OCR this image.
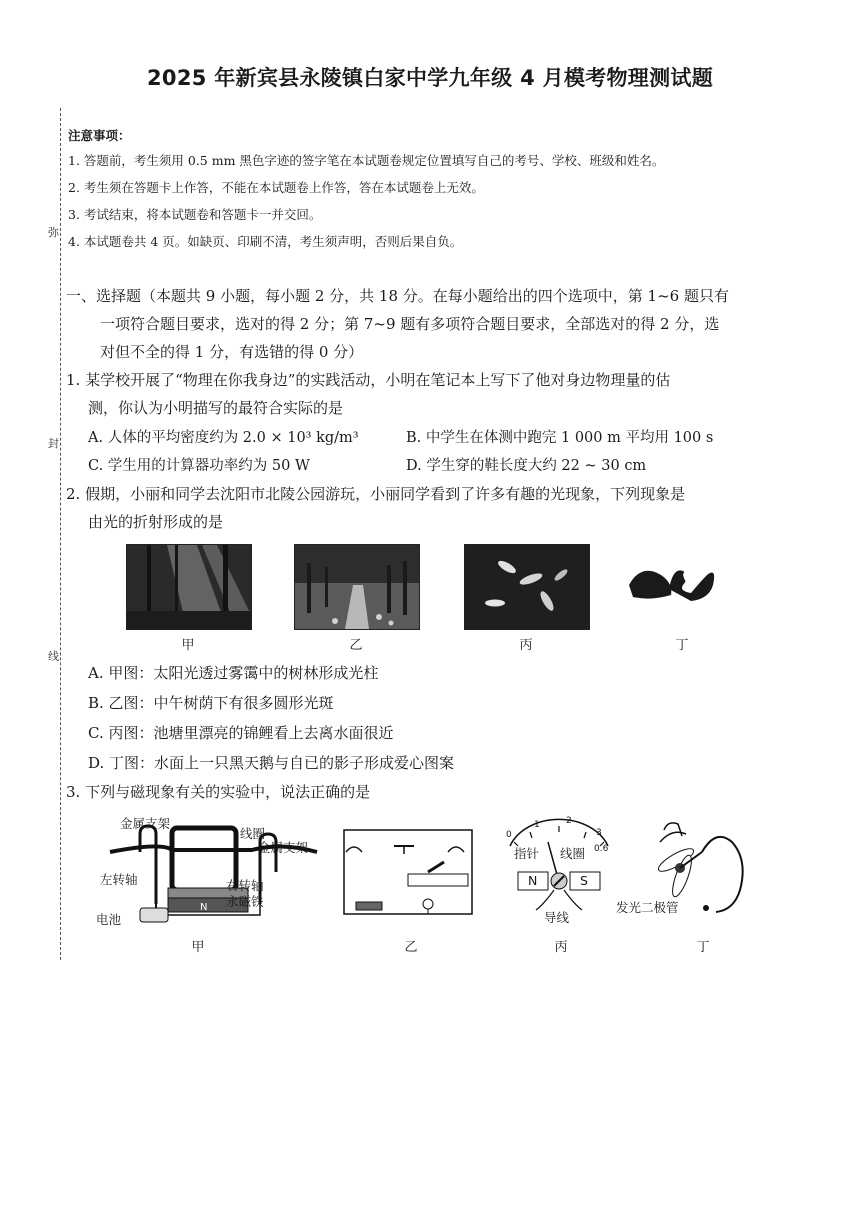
2025 年新宾县永陵镇白家中学九年级 4 月模考物理测试题
弥
封
线
注意事项：
1. 答题前，考生须用 0.5 mm 黑色字迹的签字笔在本试题卷规定位置填写自己的考号、学校、班级和姓名。
2. 考生须在答题卡上作答，不能在本试题卷上作答，答在本试题卷上无效。
3. 考试结束，将本试题卷和答题卡一并交回。
4. 本试题卷共 4 页。如缺页、印刷不清，考生须声明，否则后果自负。
一、选择题（本题共 9 小题，每小题 2 分，共 18 分。在每小题给出的四个选项中，第 1~6 题只有
一项符合题目要求，选对的得 2 分；第 7~9 题有多项符合题目要求，全部选对的得 2 分，选
对但不全的得 1 分，有选错的得 0 分）
1. 某学校开展了“物理在你我身边”的实践活动，小明在笔记本上写下了他对身边物理量的估
测，你认为小明描写的最符合实际的是
A. 人体的平均密度约为 2.0 × 10³ kg/m³	B. 中学生在体测中跑完 1 000 m 平均用 100 s
C. 学生用的计算器功率约为 50 W	D. 学生穿的鞋长度大约 22 ~ 30 cm
2. 假期，小丽和同学去沈阳市北陵公园游玩，小丽同学看到了许多有趣的光现象，下列现象是
由光的折射形成的是
甲	乙	丙	丁
A. 甲图：太阳光透过雾霭中的树林形成光柱
B. 乙图：中午树荫下有很多圆形光斑
C. 丙图：池塘里漂亮的锦鲤看上去离水面很近
D. 丁图：水面上一只黑天鹅与自已的影子形成爱心图案
3. 下列与磁现象有关的实验中，说法正确的是
N
金属支架
线圈
金属支架
左转轴	右转轴
永磁铁
电池
0
1	2
3
0.6
指针 线圈
N	S
导线
发光二极管
甲	乙	丙	丁
